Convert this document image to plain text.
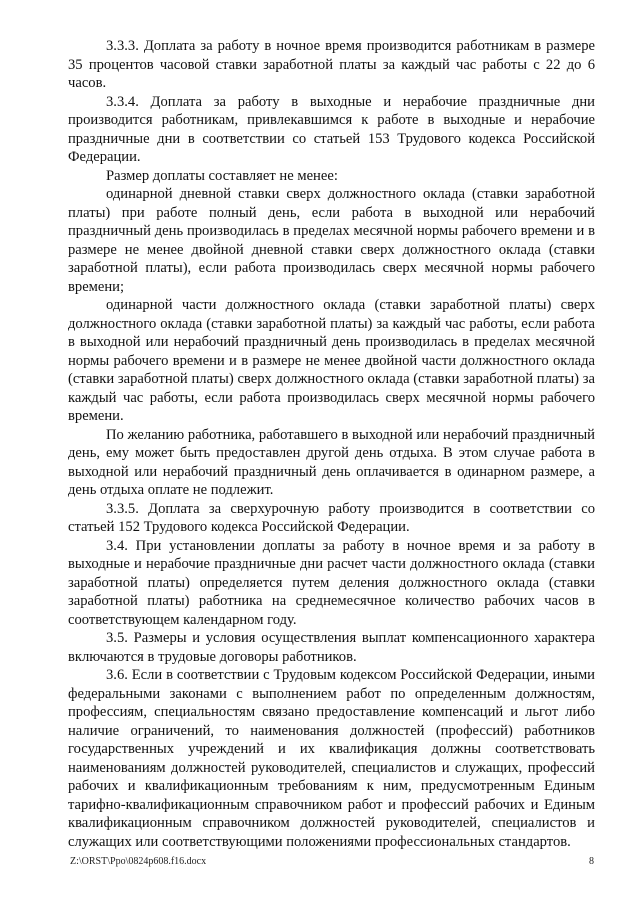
3.3.3. Доплата за работу в ночное время производится работникам в размере 35 процентов часовой ставки заработной платы за каждый час работы с 22 до 6 часов.

3.3.4. Доплата за работу в выходные и нерабочие праздничные дни производится работникам, привлекавшимся к работе в выходные и нерабочие праздничные дни в соответствии со статьей 153 Трудового кодекса Российской Федерации.

Размер доплаты составляет не менее:

одинарной дневной ставки сверх должностного оклада (ставки заработной платы) при работе полный день, если работа в выходной или нерабочий праздничный день производилась в пределах месячной нормы рабочего времени и в размере не менее двойной дневной ставки сверх должностного оклада (ставки заработной платы), если работа производилась сверх месячной нормы рабочего времени;

одинарной части должностного оклада (ставки заработной платы) сверх должностного оклада (ставки заработной платы) за каждый час работы, если работа в выходной или нерабочий праздничный день производилась в пределах месячной нормы рабочего времени и в размере не менее двойной части должностного оклада (ставки заработной платы) сверх должностного оклада (ставки заработной платы) за каждый час работы, если работа производилась сверх месячной нормы рабочего времени.

По желанию работника, работавшего в выходной или нерабочий праздничный день, ему может быть предоставлен другой день отдыха. В этом случае работа в выходной или нерабочий праздничный день оплачивается в одинарном размере, а день отдыха оплате не подлежит.

3.3.5. Доплата за сверхурочную работу производится в соответствии со статьей 152 Трудового кодекса Российской Федерации.

3.4. При установлении доплаты за работу в ночное время и за работу в выходные и нерабочие праздничные дни расчет части должностного оклада (ставки заработной платы) определяется путем деления должностного оклада (ставки заработной платы) работника на среднемесячное количество рабочих часов в соответствующем календарном году.

3.5. Размеры и условия осуществления выплат компенсационного характера включаются в трудовые договоры работников.

3.6. Если в соответствии с Трудовым кодексом Российской Федерации, иными федеральными законами с выполнением работ по определенным должностям, профессиям, специальностям связано предоставление компенсаций и льгот либо наличие ограничений, то наименования должностей (профессий) работников государственных учреждений и их квалификация должны соответствовать наименованиям должностей руководителей, специалистов и служащих, профессий рабочих и квалификационным требованиям к ним, предусмотренным Единым тарифно-квалификационным справочником работ и профессий рабочих и Единым квалификационным справочником должностей руководителей, специалистов и служащих или соответствующими положениями профессиональных стандартов.

Z:\ORST\Ppo\0824p608.f16.docx	8
